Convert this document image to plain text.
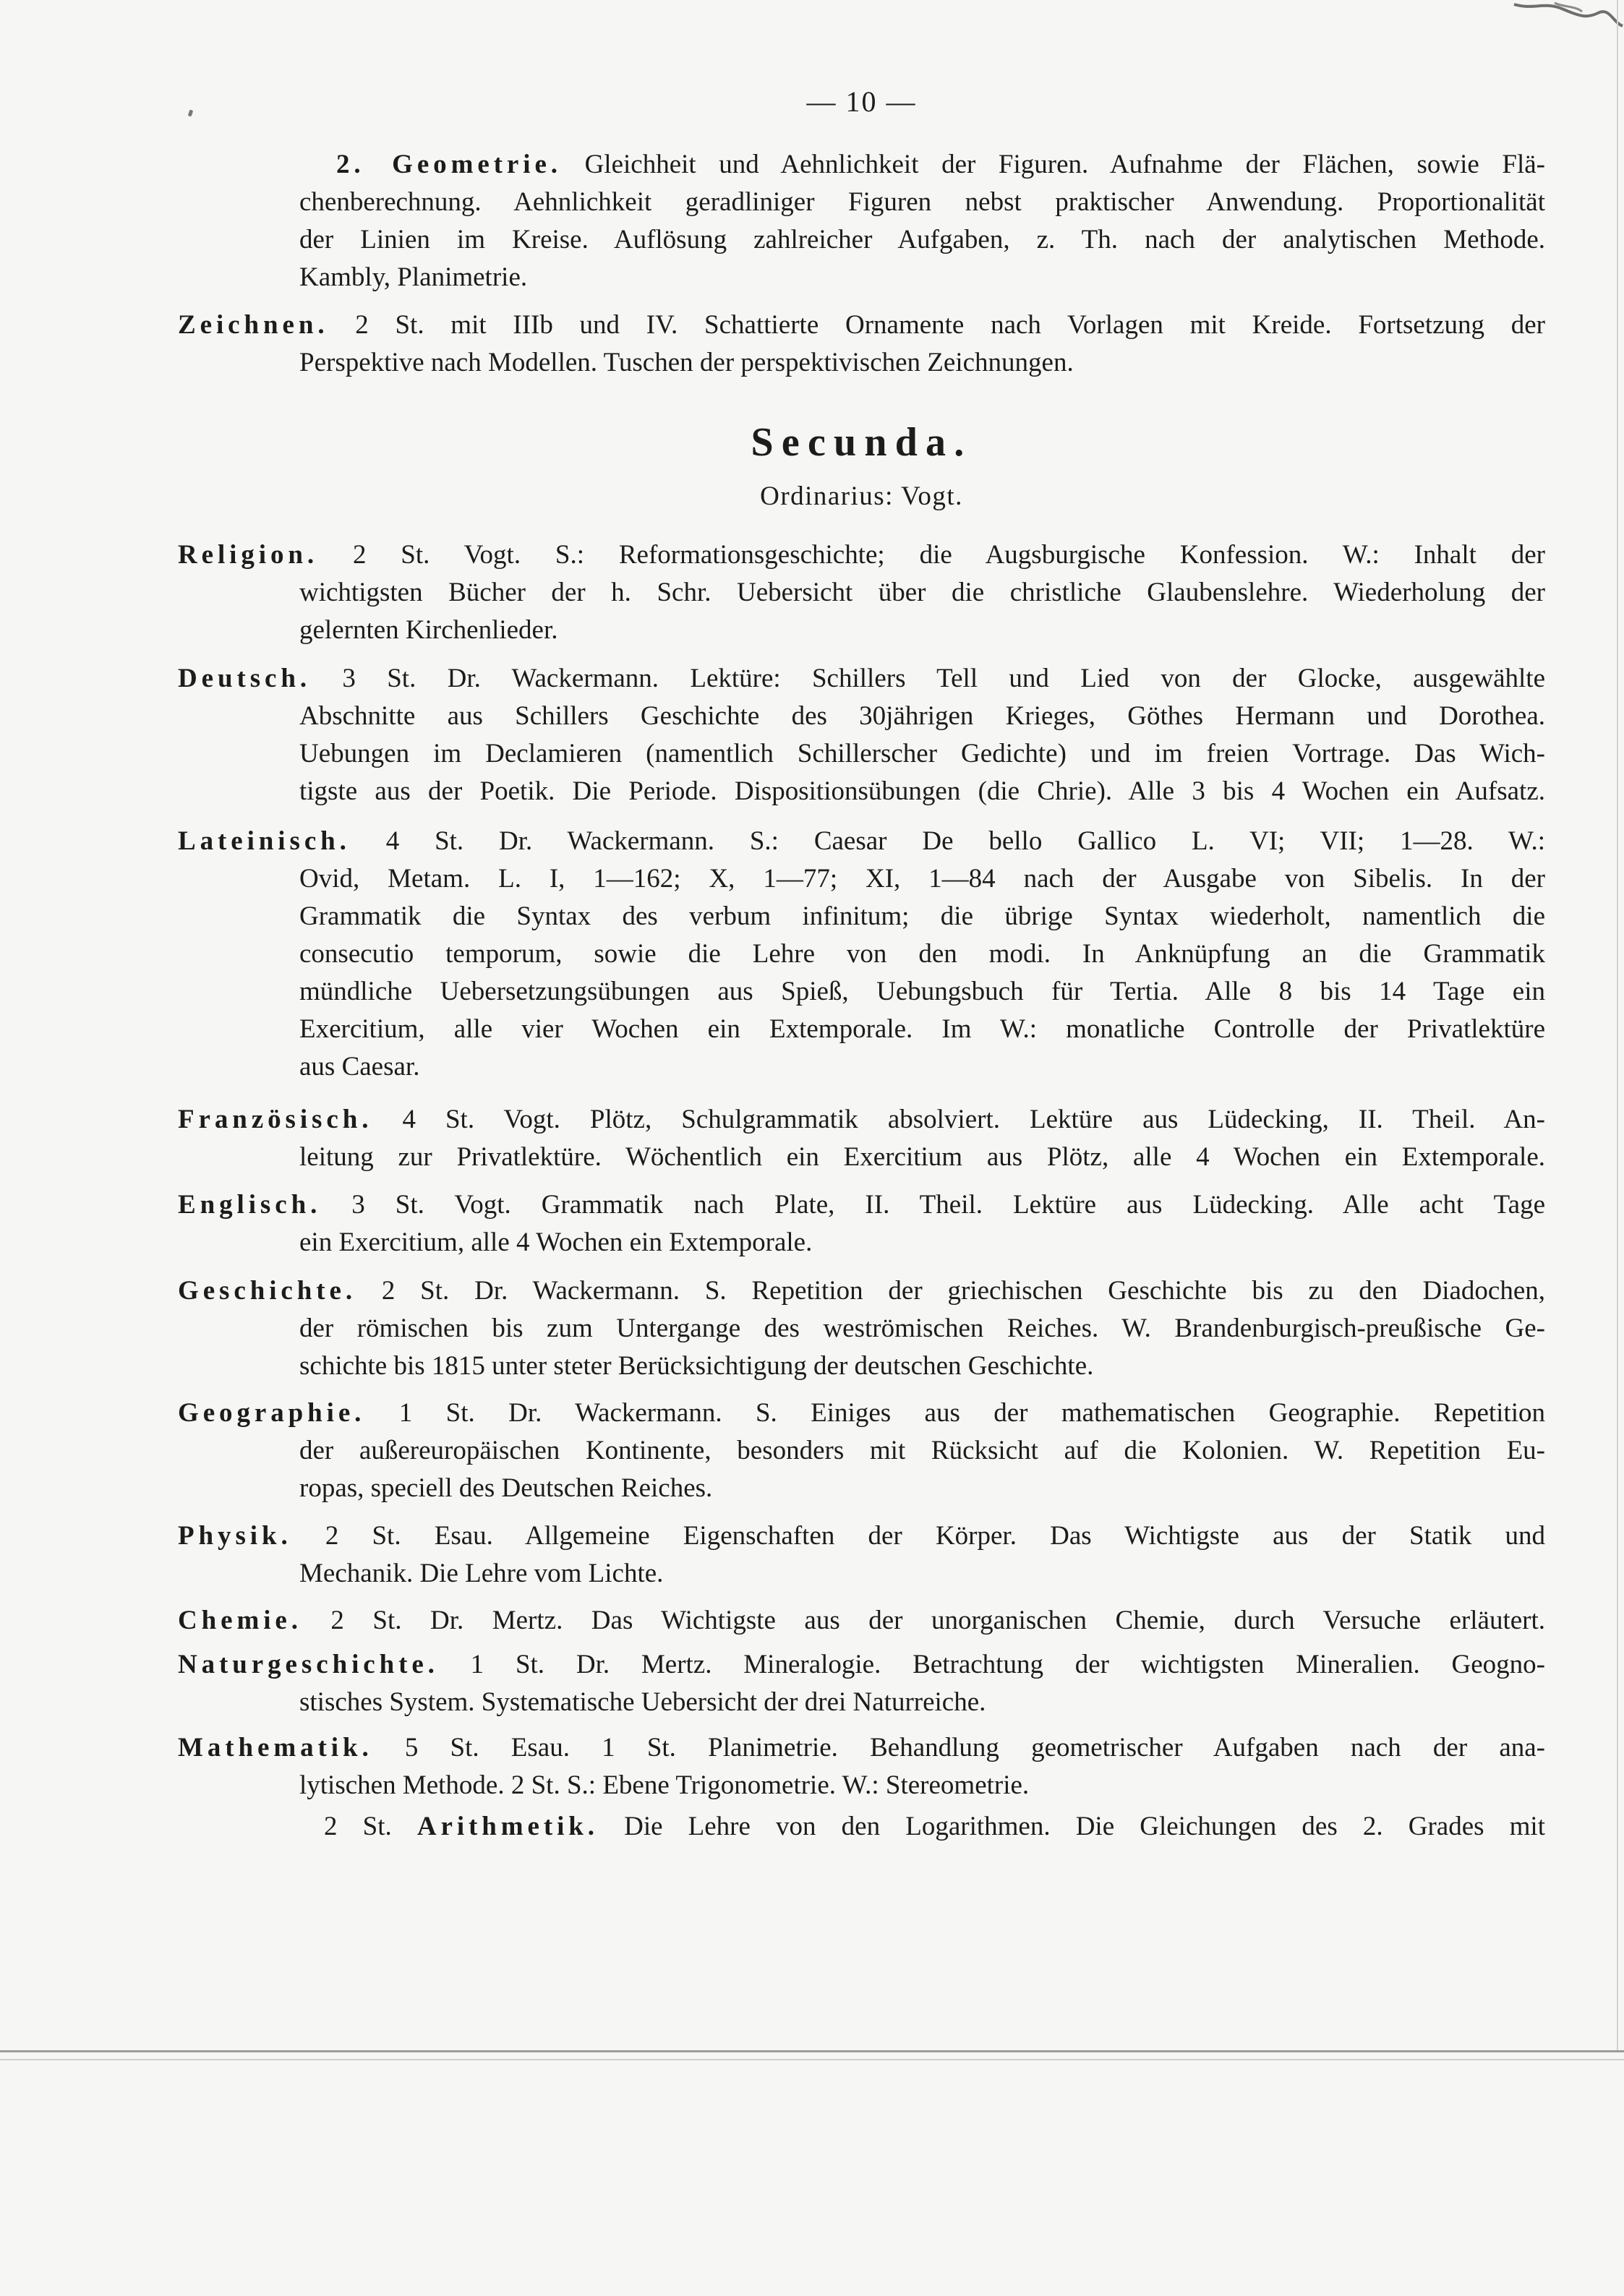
— 10 —
2. Geometrie. Gleichheit und Aehnlichkeit der Figuren. Aufnahme der Flächen, sowie Flä-
chenberechnung. Aehnlichkeit geradliniger Figuren nebst praktischer Anwendung. Proportionalität
der Linien im Kreise. Auflösung zahlreicher Aufgaben, z. Th. nach der analytischen Methode.
Kambly, Planimetrie.
Zeichnen. 2 St. mit IIIb und IV. Schattierte Ornamente nach Vorlagen mit Kreide. Fortsetzung der
Perspektive nach Modellen. Tuschen der perspektivischen Zeichnungen.
Secunda.
Ordinarius: Vogt.
Religion. 2 St. Vogt. S.: Reformationsgeschichte; die Augsburgische Konfession. W.: Inhalt der
wichtigsten Bücher der h. Schr. Uebersicht über die christliche Glaubenslehre. Wiederholung der
gelernten Kirchenlieder.
Deutsch. 3 St. Dr. Wackermann. Lektüre: Schillers Tell und Lied von der Glocke, ausgewählte
Abschnitte aus Schillers Geschichte des 30jährigen Krieges, Göthes Hermann und Dorothea.
Uebungen im Declamieren (namentlich Schillerscher Gedichte) und im freien Vortrage. Das Wich-
tigste aus der Poetik. Die Periode. Dispositionsübungen (die Chrie). Alle 3 bis 4 Wochen ein Aufsatz.
Lateinisch. 4 St. Dr. Wackermann. S.: Caesar De bello Gallico L. VI; VII; 1—28. W.:
Ovid, Metam. L. I, 1—162; X, 1—77; XI, 1—84 nach der Ausgabe von Sibelis. In der
Grammatik die Syntax des verbum infinitum; die übrige Syntax wiederholt, namentlich die
consecutio temporum, sowie die Lehre von den modi. In Anknüpfung an die Grammatik
mündliche Uebersetzungsübungen aus Spieß, Uebungsbuch für Tertia. Alle 8 bis 14 Tage ein
Exercitium, alle vier Wochen ein Extemporale. Im W.: monatliche Controlle der Privatlektüre
aus Caesar.
Französisch. 4 St. Vogt. Plötz, Schulgrammatik absolviert. Lektüre aus Lüdecking, II. Theil. An-
leitung zur Privatlektüre. Wöchentlich ein Exercitium aus Plötz, alle 4 Wochen ein Extemporale.
Englisch. 3 St. Vogt. Grammatik nach Plate, II. Theil. Lektüre aus Lüdecking. Alle acht Tage
ein Exercitium, alle 4 Wochen ein Extemporale.
Geschichte. 2 St. Dr. Wackermann. S. Repetition der griechischen Geschichte bis zu den Diadochen,
der römischen bis zum Untergange des weströmischen Reiches. W. Brandenburgisch-preußische Ge-
schichte bis 1815 unter steter Berücksichtigung der deutschen Geschichte.
Geographie. 1 St. Dr. Wackermann. S. Einiges aus der mathematischen Geographie. Repetition
der außereuropäischen Kontinente, besonders mit Rücksicht auf die Kolonien. W. Repetition Eu-
ropas, speciell des Deutschen Reiches.
Physik. 2 St. Esau. Allgemeine Eigenschaften der Körper. Das Wichtigste aus der Statik und
Mechanik. Die Lehre vom Lichte.
Chemie. 2 St. Dr. Mertz. Das Wichtigste aus der unorganischen Chemie, durch Versuche erläutert.
Naturgeschichte. 1 St. Dr. Mertz. Mineralogie. Betrachtung der wichtigsten Mineralien. Geogno-
stisches System. Systematische Uebersicht der drei Naturreiche.
Mathematik. 5 St. Esau. 1 St. Planimetrie. Behandlung geometrischer Aufgaben nach der ana-
lytischen Methode. 2 St. S.: Ebene Trigonometrie. W.: Stereometrie.
2 St. Arithmetik. Die Lehre von den Logarithmen. Die Gleichungen des 2. Grades mit
